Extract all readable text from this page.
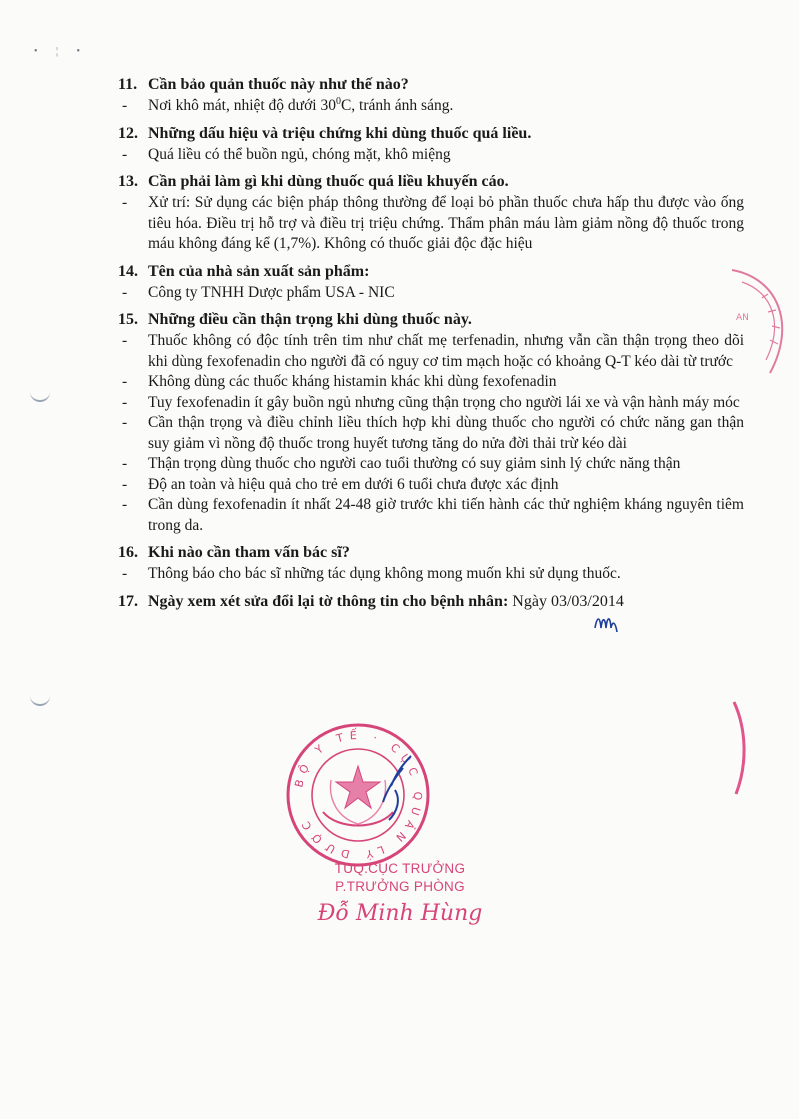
• ¦ •
11. Cần bảo quản thuốc này như thế nào?
-	Nơi khô mát, nhiệt độ dưới $30^0C$, tránh ánh sáng.
12. Những dấu hiệu và triệu chứng khi dùng thuốc quá liều.
-	Quá liều có thể buồn ngủ, chóng mặt, khô miệng
13. Cần phải làm gì khi dùng thuốc quá liều khuyến cáo.
-	Xử trí: Sử dụng các biện pháp thông thường để loại bỏ phần thuốc chưa hấp thu được vào ống tiêu hóa. Điều trị hỗ trợ và điều trị triệu chứng. Thẩm phân máu làm giảm nồng độ thuốc trong máu không đáng kể (1,7%). Không có thuốc giải độc đặc hiệu
14. Tên của nhà sản xuất sản phẩm:
-	Công ty TNHH Dược phẩm USA - NIC
15. Những điều cần thận trọng khi dùng thuốc này.
-	Thuốc không có độc tính trên tim như chất mẹ terfenadin, nhưng vẫn cần thận trọng theo dõi khi dùng fexofenadin cho người đã có nguy cơ tim mạch hoặc có khoảng Q-T kéo dài từ trước
-	Không dùng các thuốc kháng histamin khác khi dùng fexofenadin
-	Tuy fexofenadin ít gây buồn ngủ nhưng cũng thận trọng cho người lái xe và vận hành máy móc
-	Cần thận trọng và điều chỉnh liều thích hợp khi dùng thuốc cho người có chức năng gan thận suy giảm vì nồng độ thuốc trong huyết tương tăng do nửa đời thải trừ kéo dài
-	Thận trọng dùng thuốc cho người cao tuổi thường có suy giảm sinh lý chức năng thận
-	Độ an toàn và hiệu quả cho trẻ em dưới 6 tuổi chưa được xác định
-	Cần dùng fexofenadin ít nhất 24-48 giờ trước khi tiến hành các thử nghiệm kháng nguyên tiêm trong da.
16. Khi nào cần tham vấn bác sĩ?
-	Thông báo cho bác sĩ những tác dụng không mong muốn khi sử dụng thuốc.
17. Ngày xem xét sửa đổi lại tờ thông tin cho bệnh nhân: Ngày 03/03/2014
AN
BỘ Y TẾ · CỤC QUẢN LÝ DƯỢC
TUQ.CỤC TRƯỞNG
P.TRƯỞNG PHÒNG
Đỗ Minh Hùng
